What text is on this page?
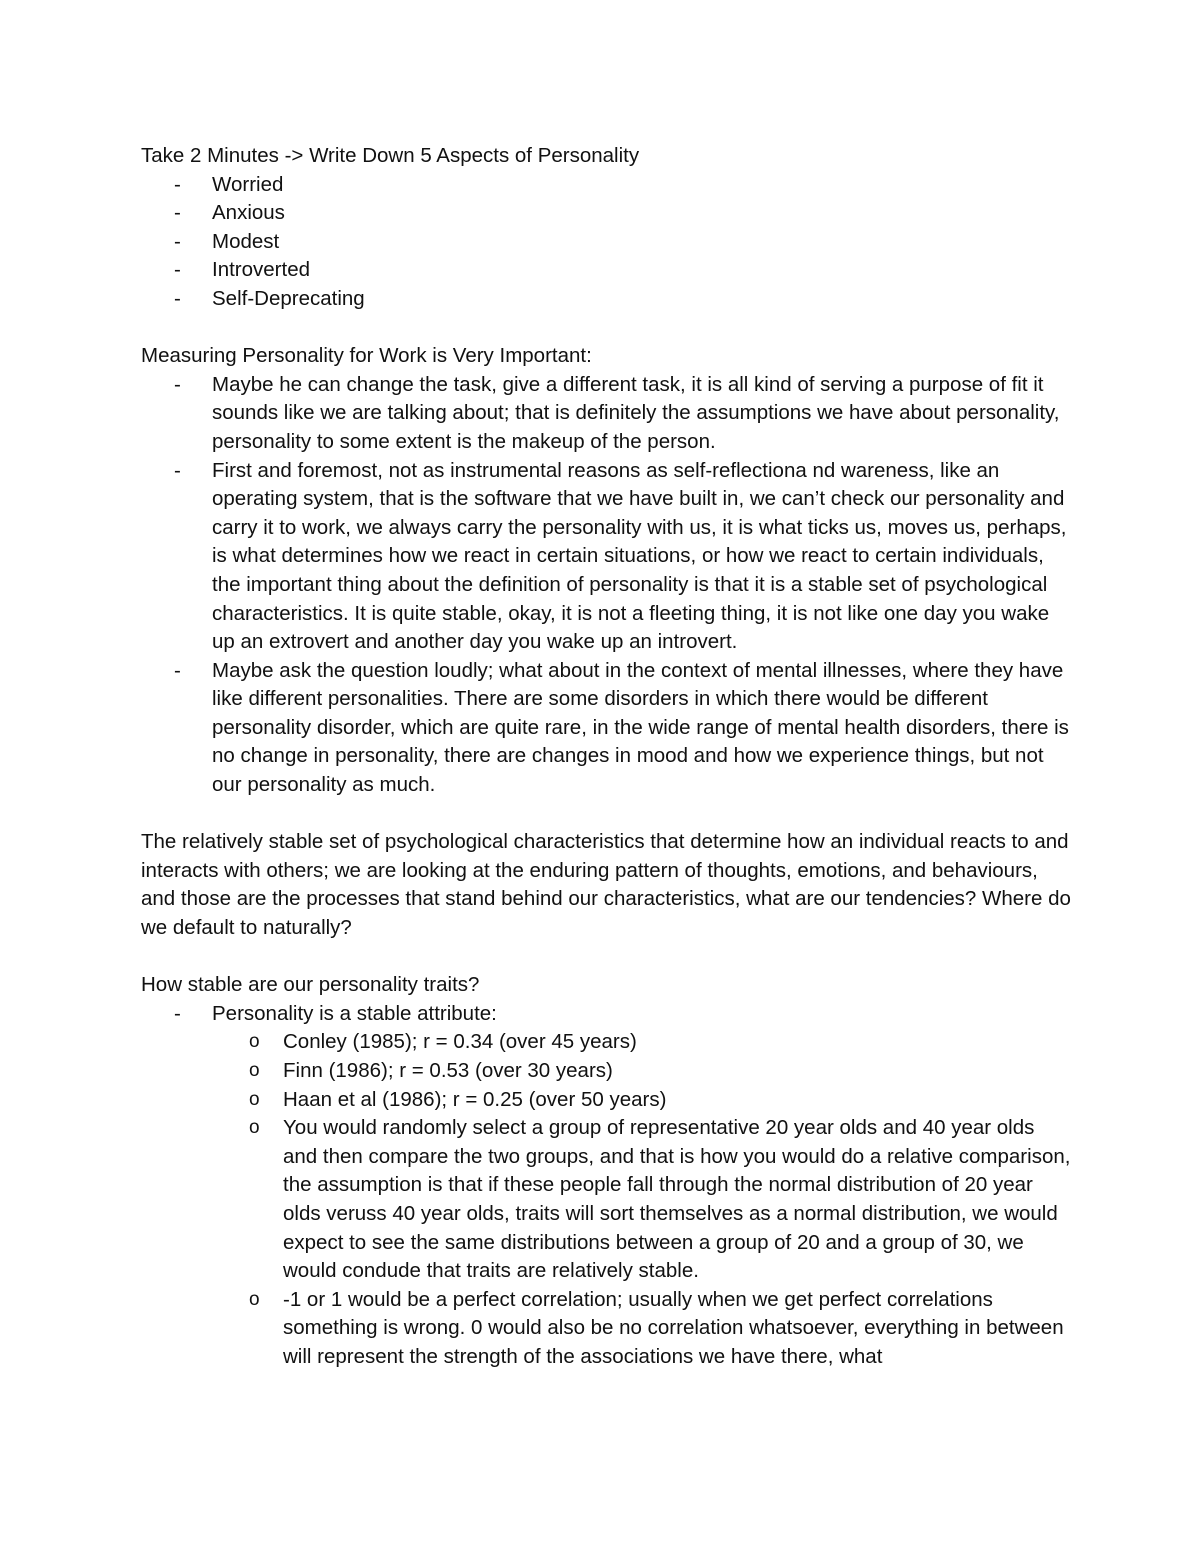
Take 2 Minutes -> Write Down 5 Aspects of Personality

-	Worried
-	Anxious
-	Modest
-	Introverted
-	Self-Deprecating

Measuring Personality for Work is Very Important:

-	Maybe he can change the task, give a different task, it is all kind of serving a purpose of fit it sounds like we are talking about; that is definitely the assumptions we have about personality, personality to some extent is the makeup of the person.
-	First and foremost, not as instrumental reasons as self-reflectiona nd wareness, like an operating system, that is the software that we have built in, we can’t check our personality and carry it to work, we always carry the personality with us, it is what ticks us, moves us, perhaps, is what determines how we react in certain situations, or how we react to certain individuals, the important thing about the definition of personality is that it is a stable set of psychological characteristics. It is quite stable, okay, it is not a fleeting thing, it is not like one day you wake up an extrovert and another day you wake up an introvert.
-	Maybe ask the question loudly; what about in the context of mental illnesses, where they have like different personalities. There are some disorders in which there would be different personality disorder, which are quite rare, in the wide range of mental health disorders, there is no change in personality, there are changes in mood and how we experience things, but not our personality as much.

The relatively stable set of psychological characteristics that determine how an individual reacts to and interacts with others; we are looking at the enduring pattern of thoughts, emotions, and behaviours, and those are the processes that stand behind our characteristics, what are our tendencies? Where do we default to naturally?

How stable are our personality traits?

-	Personality is a stable attribute:
o	Conley (1985); r = 0.34 (over 45 years)
o	Finn (1986); r = 0.53 (over 30 years)
o	Haan et al (1986); r = 0.25 (over 50 years)
o	You would randomly select a group of representative 20 year olds and 40 year olds and then compare the two groups, and that is how you would do a relative comparison, the assumption is that if these people fall through the normal distribution of 20 year olds veruss 40 year olds, traits will sort themselves as a normal distribution, we would expect to see the same distributions between a group of 20 and a group of 30, we would condude that traits are relatively stable.
o	-1 or 1 would be a perfect correlation; usually when we get perfect correlations something is wrong. 0 would also be no correlation whatsoever, everything in between will represent the strength of the associations we have there, what
